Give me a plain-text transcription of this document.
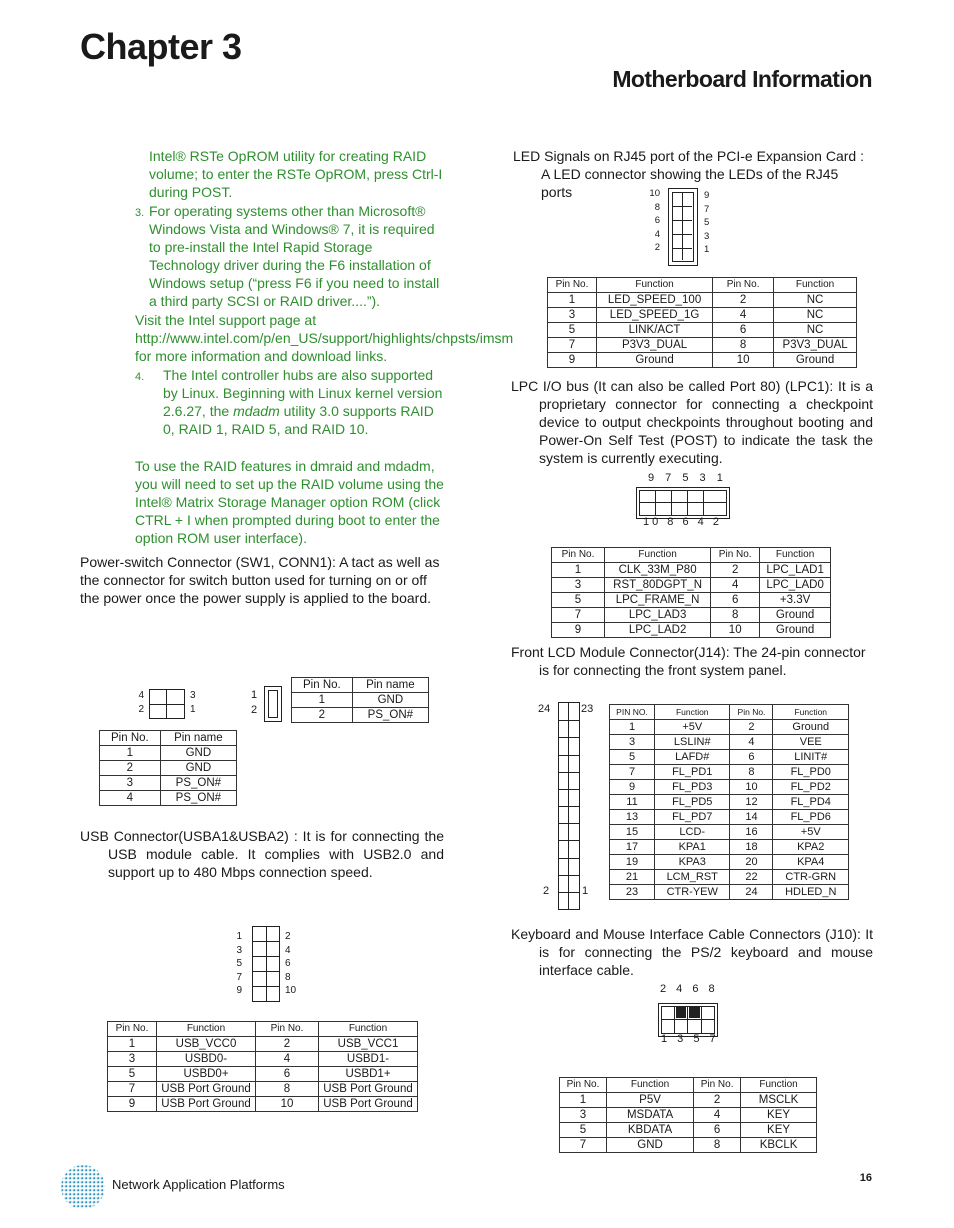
Chapter 3
Motherboard Information
Intel® RSTe OpROM utility for creating RAID volume; to enter the RSTe OpROM, press Ctrl-I during POST.
3. For operating systems other than Microsoft® Windows Vista and Windows® 7, it is required to pre-install the Intel Rapid Storage Technology driver during the F6 installation of Windows setup (“press F6 if you need to install a third party SCSI or RAID driver....”).
Visit the Intel support page at http://www.intel.com/p/en_US/support/highlights/chpsts/imsm for more information and download links.
4. The Intel controller hubs are also supported by Linux. Beginning with Linux kernel version 2.6.27, the mdadm utility 3.0 supports RAID 0, RAID 1, RAID 5, and RAID 10.
To use the RAID features in dmraid and mdadm, you will need to set up the RAID volume using the Intel® Matrix Storage Manager option ROM (click CTRL + I when prompted during boot to enter the option ROM user interface).
Power-switch Connector (SW1, CONN1): A tact as well as the connector for switch button used for turning on or off the power once the power supply is applied to the board.
4
2
3
1
1
2
Pin No.	Pin name
1	GND
2	PS_ON#
Pin No.	Pin name
1	GND
2	GND
3	PS_ON#
4	PS_ON#
USB Connector(USBA1&USBA2) : It is for connecting the USB module cable. It complies with USB2.0 and support up to 480 Mbps connection speed.
1
3
5
7
9
2
4
6
8
10
Pin No.	Function	Pin No.	Function
1	USB_VCC0	2	USB_VCC1
3	USBD0-	4	USBD1-
5	USBD0+	6	USBD1+
7	USB Port Ground	8	USB Port Ground
9	USB Port Ground	10	USB Port Ground
LED Signals on RJ45 port of the PCI-e Expansion Card : A LED connector showing the LEDs of the RJ45 ports	10
8
6
4
2
9
7
5
3
1
Pin No.	Function	Pin No.	Function
1	LED_SPEED_100	2	NC
3	LED_SPEED_1G	4	NC
5	LINK/ACT	6	NC
7	P3V3_DUAL	8	P3V3_DUAL
9	Ground	10	Ground
LPC I/O bus (It can also be called Port 80) (LPC1): It is a proprietary connector for connecting a checkpoint device to output checkpoints throughout booting and Power-On Self Test (POST) to indicate the task the system is currently executing.
9 7 5 3 1
10 8 6 4 2
Pin No.	Function	Pin No.	Function
1	CLK_33M_P80	2	LPC_LAD1
3	RST_80DGPT_N	4	LPC_LAD0
5	LPC_FRAME_N	6	+3.3V
7	LPC_LAD3	8	Ground
9	LPC_LAD2	10	Ground
Front LCD Module Connector(J14): The 24-pin connector is for connecting the front system panel.
24	23
2	1
PIN NO.	Function	Pin No.	Function
1	+5V	2	Ground
3	LSLIN#	4	VEE
5	LAFD#	6	LINIT#
7	FL_PD1	8	FL_PD0
9	FL_PD3	10	FL_PD2
11	FL_PD5	12	FL_PD4
13	FL_PD7	14	FL_PD6
15	LCD-	16	+5V
17	KPA1	18	KPA2
19	KPA3	20	KPA4
21	LCM_RST	22	CTR-GRN
23	CTR-YEW	24	HDLED_N
Keyboard and Mouse Interface Cable Connectors (J10): It is for connecting the PS/2 keyboard and mouse interface cable.
2 4 6 8
1 3 5 7
Pin No.	Function	Pin No.	Function
1	P5V	2	MSCLK
3	MSDATA	4	KEY
5	KBDATA	6	KEY
7	GND	8	KBCLK
Network Application Platforms	16
